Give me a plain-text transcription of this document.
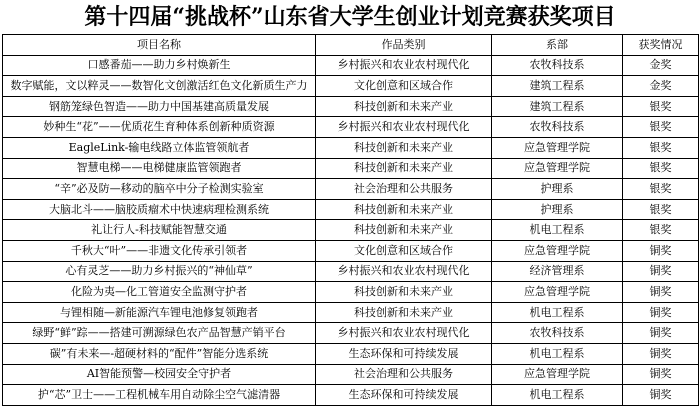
第十四届“挑战杯”山东省大学生创业计划竞赛获奖项目
项目名称	作品类别	系部	获奖情况
口感番茄——助力乡村焕新生	乡村振兴和农业农村现代化	农牧科技系	金奖
数字赋能，文以粹灵——数智化文创激活红色文化新质生产力	文化创意和区域合作	建筑工程系	金奖
钢筋笼绿色智造——助力中国基建高质量发展	科技创新和未来产业	建筑工程系	银奖
妙种生“花”——优质花生育种体系创新种质资源	乡村振兴和农业农村现代化	农牧科技系	银奖
EagleLink-输电线路立体监管领航者	科技创新和未来产业	应急管理学院	银奖
智慧电梯——电梯健康监管领跑者	科技创新和未来产业	应急管理学院	银奖
“辛”必及防—移动的脑卒中分子检测实验室	社会治理和公共服务	护理系	银奖
大脑北斗——脑胶质瘤术中快速病理检测系统	科技创新和未来产业	护理系	银奖
礼让行人-科技赋能智慧交通	科技创新和未来产业	机电工程系	银奖
千秋大“叶”——非遗文化传承引领者	文化创意和区域合作	应急管理学院	铜奖
心有灵芝——助力乡村振兴的“神仙草”	乡村振兴和农业农村现代化	经济管理系	铜奖
化险为夷—化工管道安全监测守护者	科技创新和未来产业	应急管理学院	铜奖
与锂相随—新能源汽车锂电池修复领跑者	科技创新和未来产业	机电工程系	铜奖
绿野“鲜”踪——搭建可溯源绿色农产品智慧产销平台	乡村振兴和农业农村现代化	农牧科技系	铜奖
碳”有未来—-超硬材料的“配件”智能分选系统	生态环保和可持续发展	机电工程系	铜奖
AI智能预警—校园安全守护者	社会治理和公共服务	应急管理学院	铜奖
护“芯”卫士——工程机械车用自动除尘空气滤清器	生态环保和可持续发展	机电工程系	铜奖
